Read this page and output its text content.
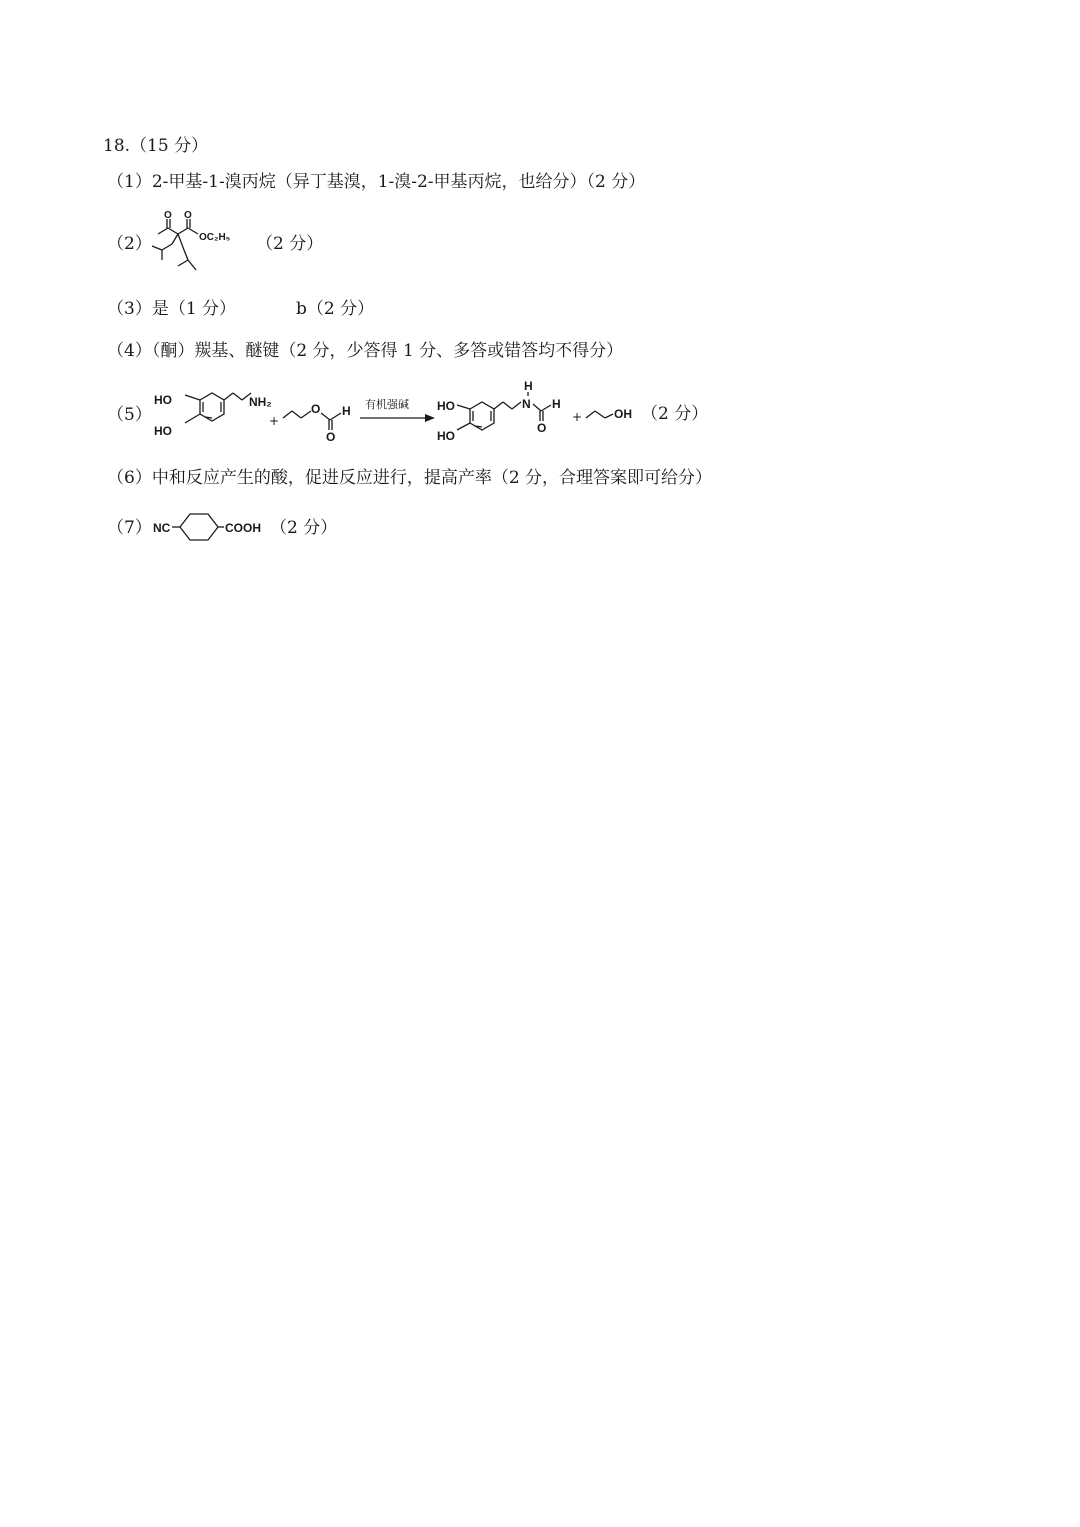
18.（15 分）
（1）2-甲基-1-溴丙烷（异丁基溴，1-溴-2-甲基丙烷，也给分）（2 分）
（2）
O O
OC₂H₅ （2 分）
（3）是（1 分）	b（2 分）
（4）（酮）羰基、醚键（2 分，少答得 1 分、多答或错答均不得分）
（5）
HO
HO
NH₂
+
O H
O
有机强碱 HO
HO
H
N H
O
+	OH （2 分）
（6）中和反应产生的酸，促进反应进行，提高产率（2 分，合理答案即可给分）
（7） NC	COOH （2 分）
